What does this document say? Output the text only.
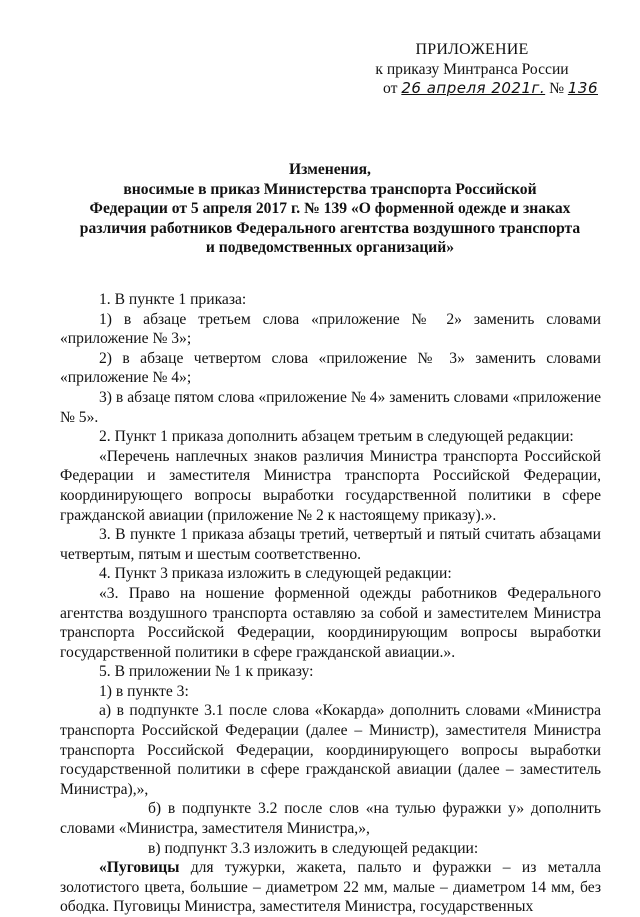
ПРИЛОЖЕНИЕ
к приказу Минтранса России
от 26 апреля 2021г. № 136
Изменения,
вносимые в приказ Министерства транспорта Российской
Федерации от 5 апреля 2017 г. № 139 «О форменной одежде и знаках
различия работников Федерального агентства воздушного транспорта
и подведомственных организаций»

1. В пункте 1 приказа:

1) в абзаце третьем слова «приложение № 2» заменить словами «приложение № 3»;

2) в абзаце четвертом слова «приложение № 3» заменить словами «приложение № 4»;

3) в абзаце пятом слова «приложение № 4» заменить словами «приложение № 5».

2. Пункт 1 приказа дополнить абзацем третьим в следующей редакции:

«Перечень наплечных знаков различия Министра транспорта Российской Федерации и заместителя Министра транспорта Российской Федерации, координирующего вопросы выработки государственной политики в сфере гражданской авиации (приложение № 2 к настоящему приказу).».

3. В пункте 1 приказа абзацы третий, четвертый и пятый считать абзацами четвертым, пятым и шестым соответственно.

4. Пункт 3 приказа изложить в следующей редакции:

«3. Право на ношение форменной одежды работников Федерального агентства воздушного транспорта оставляю за собой и заместителем Министра транспорта Российской Федерации, координирующим вопросы выработки государственной политики в сфере гражданской авиации.».

5. В приложении № 1 к приказу:

1) в пункте 3:

а) в подпункте 3.1 после слова «Кокарда» дополнить словами «Министра транспорта Российской Федерации (далее – Министр), заместителя Министра транспорта Российской Федерации, координирующего вопросы выработки государственной политики в сфере гражданской авиации (далее – заместитель Министра),»,

б) в подпункте 3.2 после слов «на тулью фуражки у» дополнить словами «Министра, заместителя Министра,»,

в) подпункт 3.3 изложить в следующей редакции:

«Пуговицы для тужурки, жакета, пальто и фуражки – из металла золотистого цвета, большие – диаметром 22 мм, малые – диаметром 14 мм, без ободка. Пуговицы Министра, заместителя Министра, государственных
